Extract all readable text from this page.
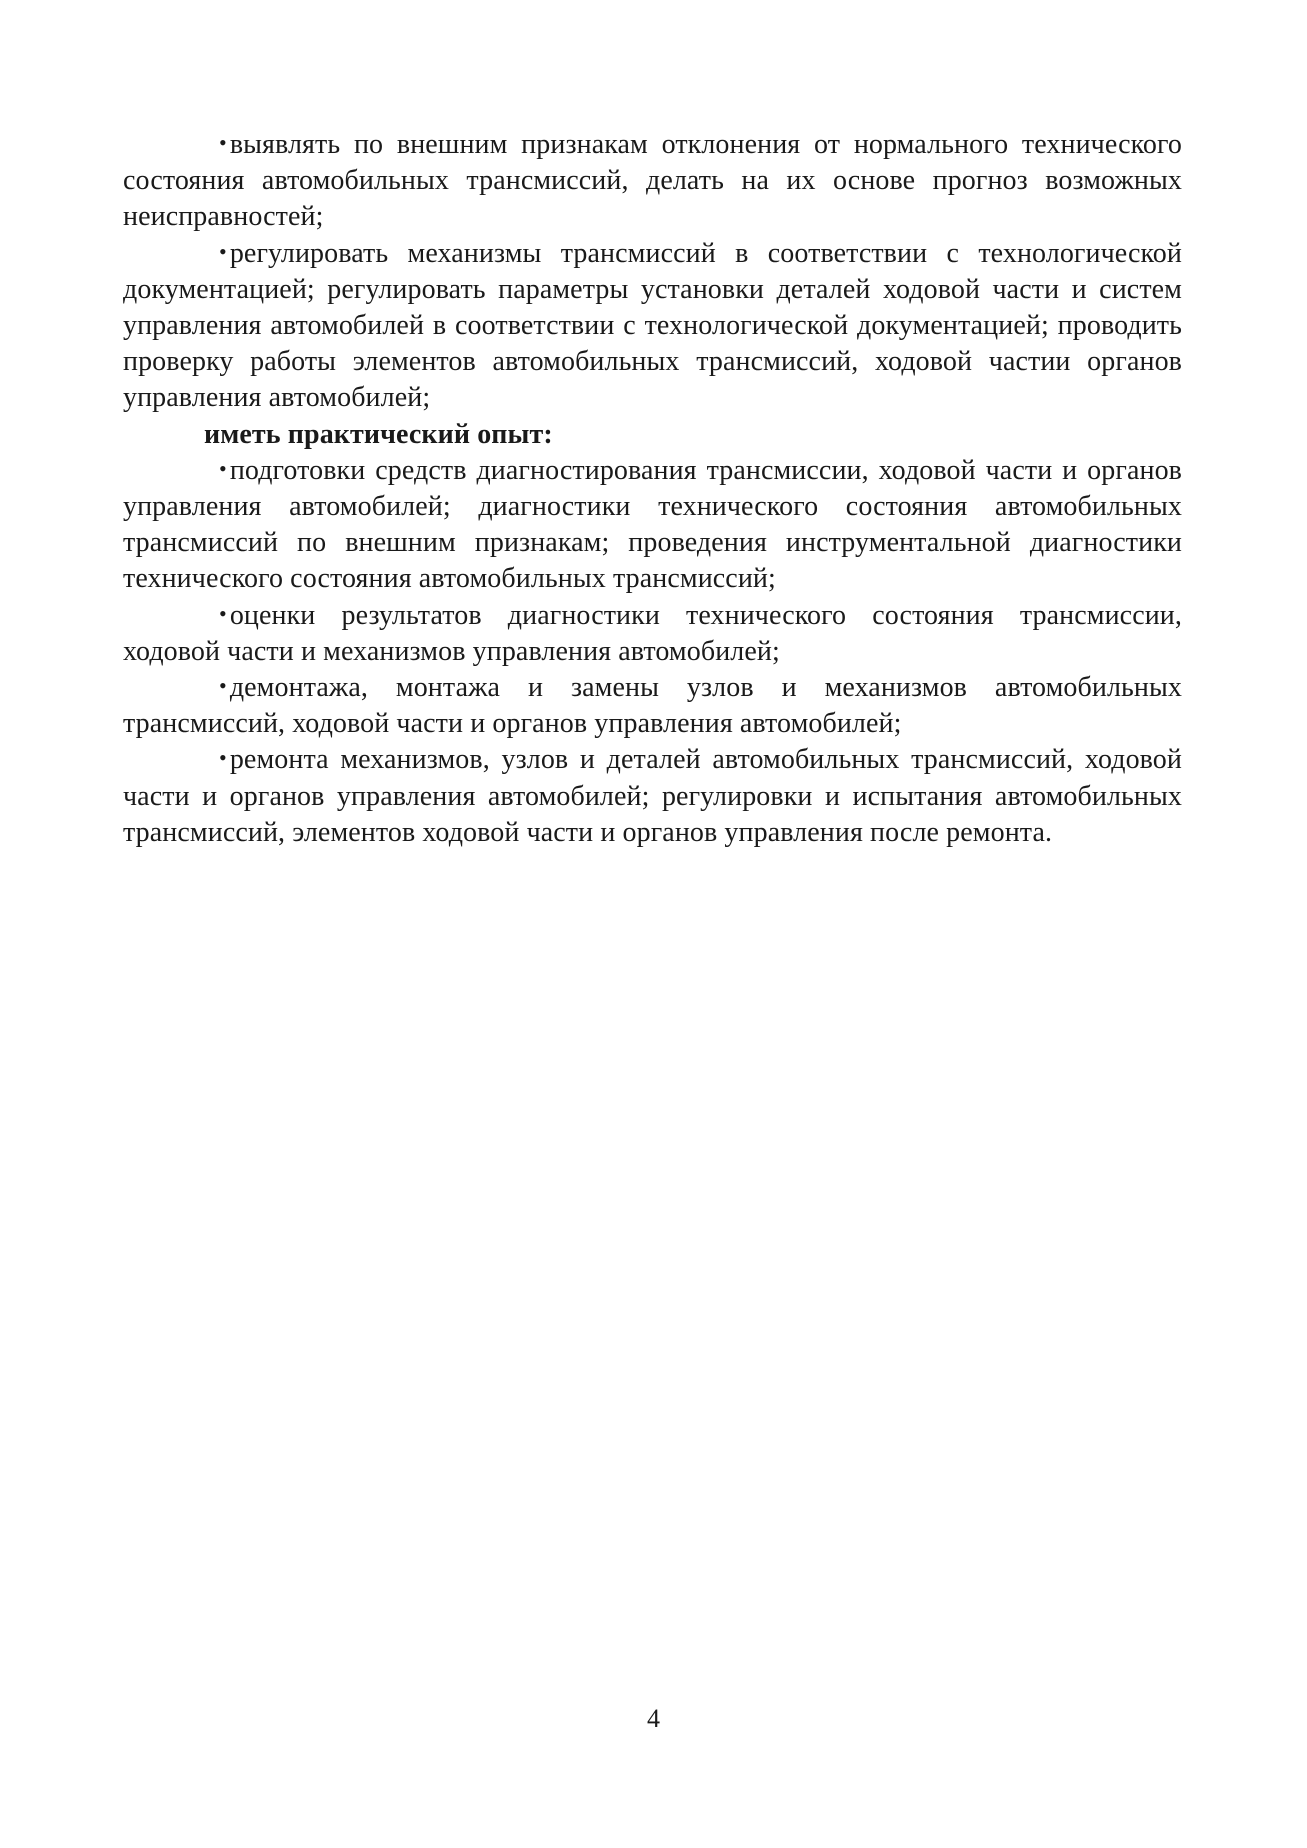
• выявлять по внешним признакам отклонения от нормального технического состояния автомобильных трансмиссий, делать на их основе прогноз возможных неисправностей;

• регулировать механизмы трансмиссий в соответствии с технологической документацией; регулировать параметры установки деталей ходовой части и систем управления автомобилей в соответствии с технологической документацией; проводить проверку работы элементов автомобильных трансмиссий, ходовой частии органов управления автомобилей;

иметь практический опыт:

• подготовки средств диагностирования трансмиссии, ходовой части и органов управления автомобилей; диагностики технического состояния автомобильных трансмиссий по внешним признакам; проведения инструментальной диагностики технического состояния автомобильных трансмиссий;

• оценки результатов диагностики технического состояния трансмиссии, ходовой части и механизмов управления автомобилей;

• демонтажа, монтажа и замены узлов и механизмов автомобильных трансмиссий, ходовой части и органов управления автомобилей;

• ремонта механизмов, узлов и деталей автомобильных трансмиссий, ходовой части и органов управления автомобилей; регулировки и испытания автомобильных трансмиссий, элементов ходовой части и органов управления после ремонта.

4
